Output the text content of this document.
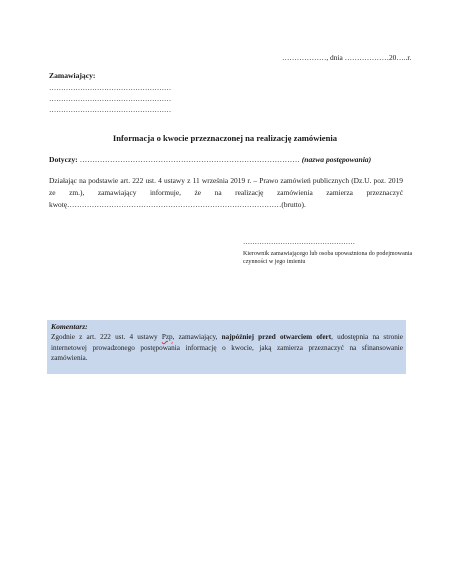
………………, dnia ………………20…..r.
Zamawiający:
……………………………………………
……………………………………………
……………………………………………
Informacja o kwocie przeznaczonej na realizację zamówienia
Dotyczy: …………………………………………………………………………… (nazwa postępowania)
Działając na podstawie art. 222 ust. 4 ustawy z 11 września 2019 r. – Prawo zamówień publicznych (Dz.U. poz. 2019 ze zm.), zamawiający informuje, że na realizację zamówienia zamierza przeznaczyć kwotę……………………………………………………………………………(brutto).
…………………………………………
Kierownik zamawiającego lub osoba upoważniona do podejmowania czynności w jego imieniu
Komentarz:
Zgodnie z art. 222 ust. 4 ustawy Pzp, zamawiający, najpóźniej przed otwarciem ofert, udostępnia na stronie internetowej prowadzonego postępowania informację o kwocie, jaką zamierza przeznaczyć na sfinansowanie zamówienia.
